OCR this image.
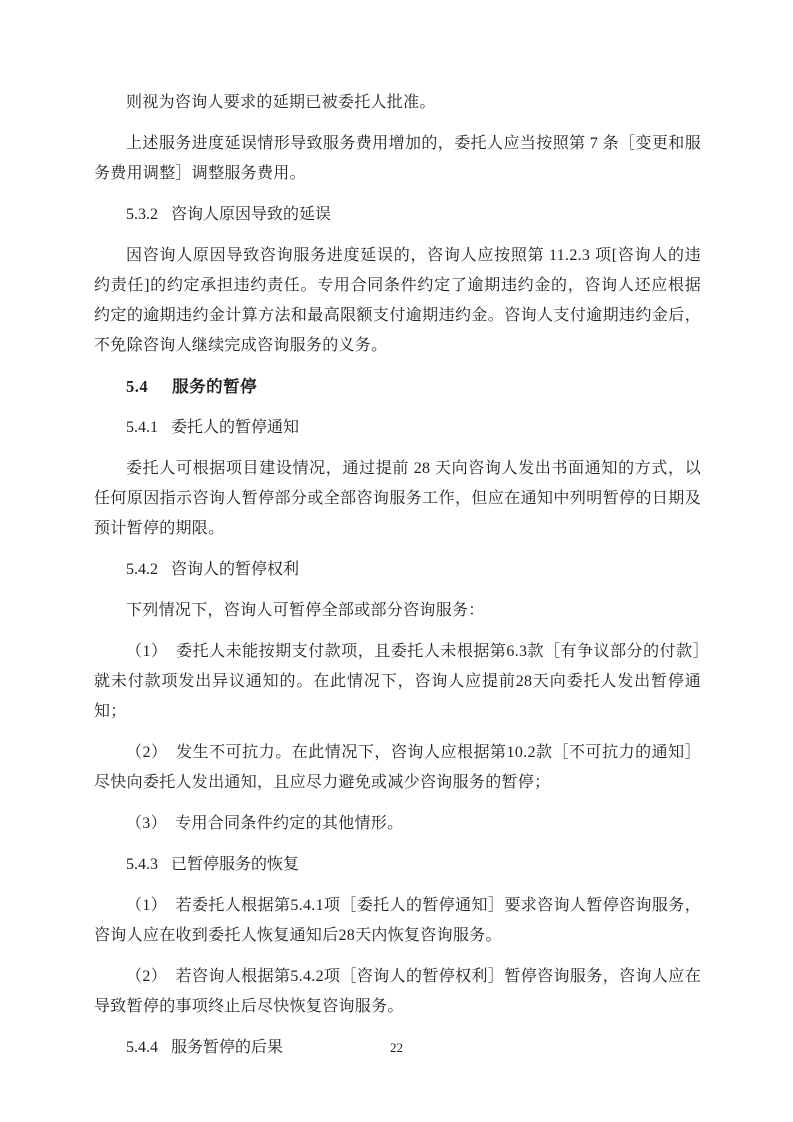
则视为咨询人要求的延期已被委托人批准。

上述服务进度延误情形导致服务费用增加的，委托人应当按照第 7 条［变更和服务费用调整］调整服务费用。

5.3.2 咨询人原因导致的延误

因咨询人原因导致咨询服务进度延误的，咨询人应按照第 11.2.3 项[咨询人的违约责任]的约定承担违约责任。专用合同条件约定了逾期违约金的，咨询人还应根据约定的逾期违约金计算方法和最高限额支付逾期违约金。咨询人支付逾期违约金后，不免除咨询人继续完成咨询服务的义务。

5.4 服务的暂停

5.4.1 委托人的暂停通知

委托人可根据项目建设情况，通过提前 28 天向咨询人发出书面通知的方式，以任何原因指示咨询人暂停部分或全部咨询服务工作，但应在通知中列明暂停的日期及预计暂停的期限。

5.4.2 咨询人的暂停权利

下列情况下，咨询人可暂停全部或部分咨询服务：

（1）　委托人未能按期支付款项，且委托人未根据第6.3款［有争议部分的付款］就未付款项发出异议通知的。在此情况下，咨询人应提前28天向委托人发出暂停通知；

（2）　发生不可抗力。在此情况下，咨询人应根据第10.2款［不可抗力的通知］尽快向委托人发出通知，且应尽力避免或减少咨询服务的暂停；

（3）　专用合同条件约定的其他情形。

5.4.3 已暂停服务的恢复

（1）　若委托人根据第5.4.1项［委托人的暂停通知］要求咨询人暂停咨询服务，咨询人应在收到委托人恢复通知后28天内恢复咨询服务。

（2）　若咨询人根据第5.4.2项［咨询人的暂停权利］暂停咨询服务，咨询人应在导致暂停的事项终止后尽快恢复咨询服务。

5.4.4 服务暂停的后果	22
